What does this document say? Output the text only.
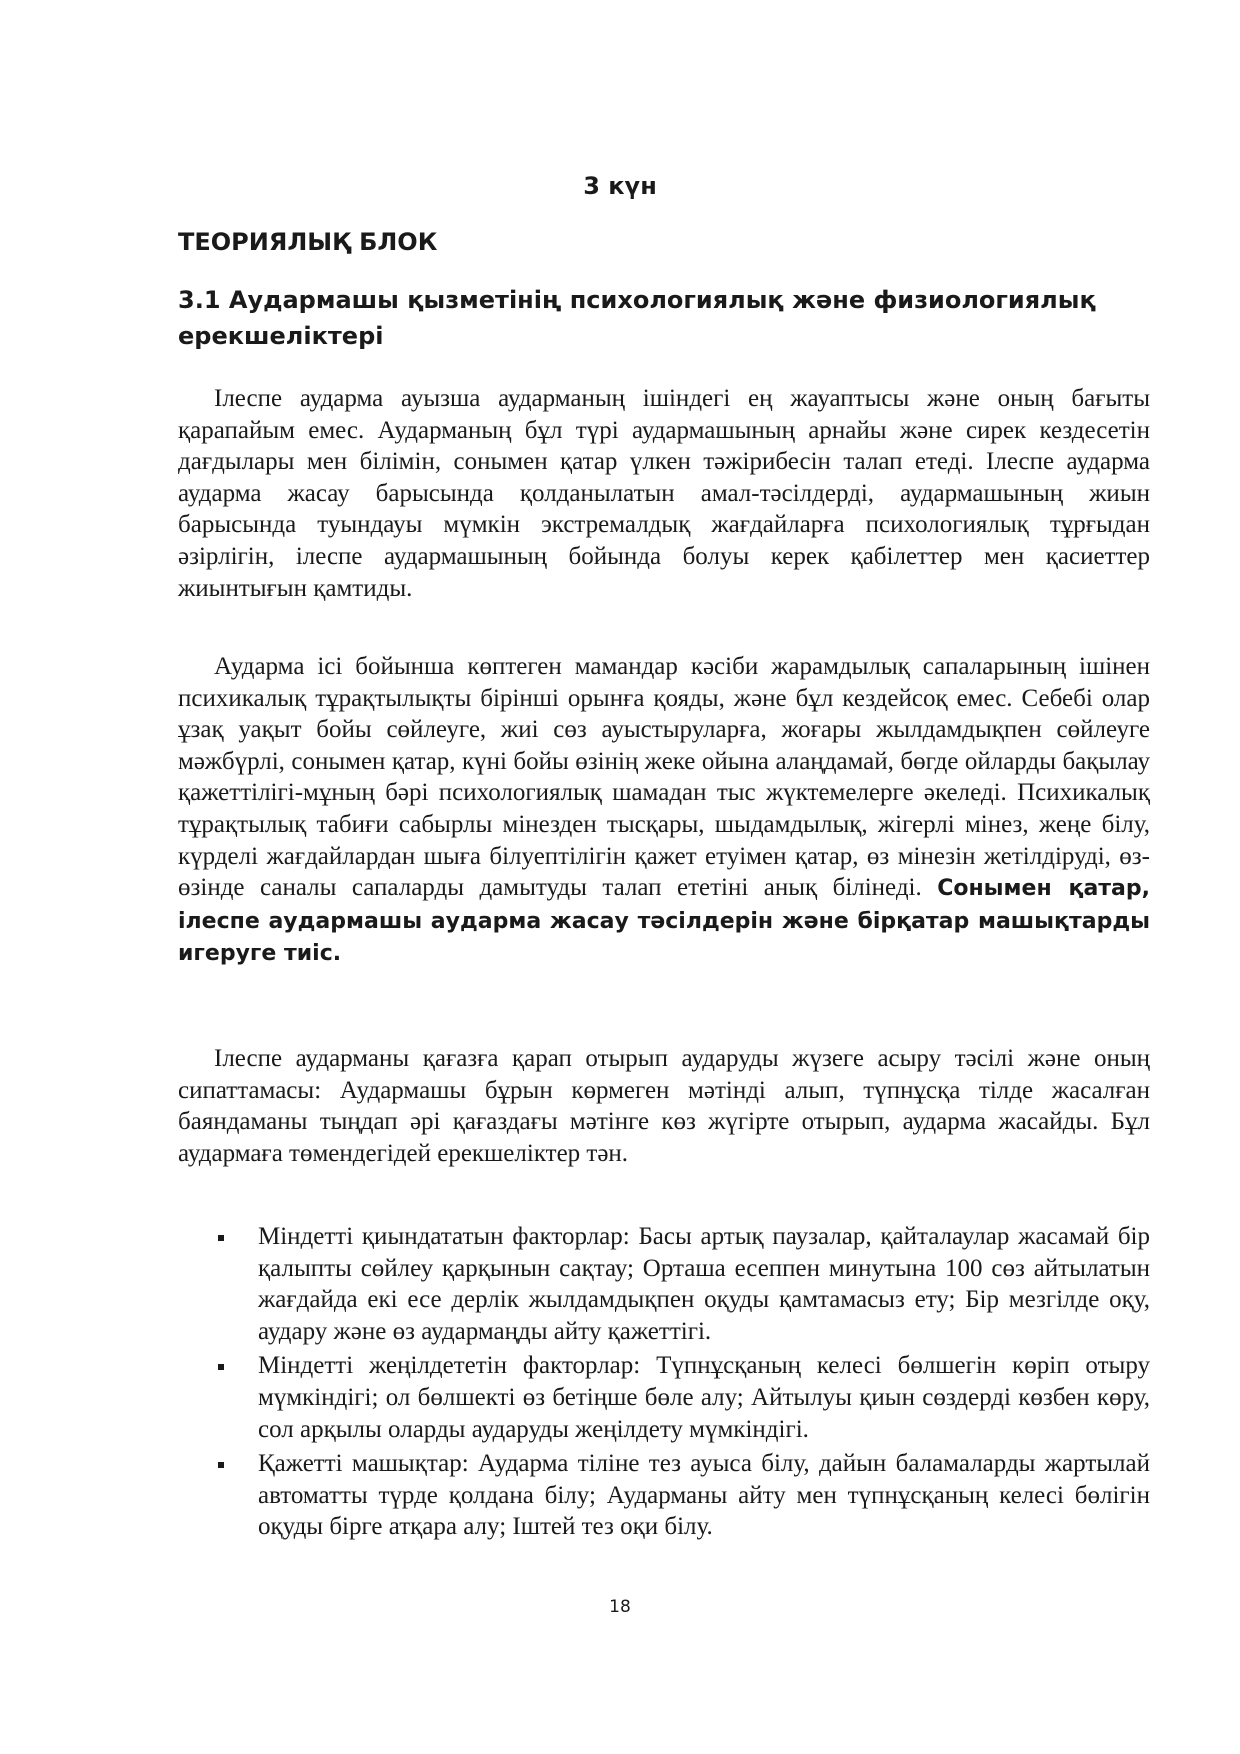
3 күн
ТЕОРИЯЛЫҚ БЛОК
3.1 Аудармашы қызметінің психологиялық және физиологиялық ерекшеліктері

Ілеспе аударма ауызша аударманың ішіндегі ең жауаптысы және оның бағыты қарапайым емес. Аударманың бұл түрі аудармашының арнайы және сирек кездесетін дағдылары мен білімін, сонымен қатар үлкен тәжірибесін талап етеді. Ілеспе аударма аударма жасау барысында қолданылатын амал-тәсілдерді, аудармашының жиын барысында туындауы мүмкін экстремалдық жағдайларға психологиялық тұрғыдан әзірлігін, ілеспе аудармашының бойында болуы керек қабілеттер мен қасиеттер жиынтығын қамтиды.

Аударма ісі бойынша көптеген мамандар кәсіби жарамдылық сапаларының ішінен психикалық тұрақтылықты бірінші орынға қояды, және бұл кездейсоқ емес. Себебі олар ұзақ уақыт бойы сөйлеуге, жиі сөз ауыстыруларға, жоғары жылдамдықпен сөйлеуге мәжбүрлі, сонымен қатар, күні бойы өзінің жеке ойына алаңдамай, бөгде ойларды бақылау қажеттілігі-мұның бәрі психологиялық шамадан тыс жүктемелерге әкеледі. Психикалық тұрақтылық табиғи сабырлы мінезден тысқары, шыдамдылық, жігерлі мінез, жеңе білу, күрделі жағдайлардан шыға білуептілігін қажет етуімен қатар, өз мінезін жетілдіруді, өз-өзінде саналы сапаларды дамытуды талап ететіні анық білінеді. Сонымен қатар, ілеспе аудармашы аударма жасау тәсілдерін және бірқатар машықтарды игеруге тиіс.

Ілеспе аударманы қағазға қарап отырып аударуды жүзеге асыру тәсілі және оның сипаттамасы: Аудармашы бұрын көрмеген мәтінді алып, түпнұсқа тілде жасалған баяндаманы тыңдап әрі қағаздағы мәтінге көз жүгірте отырып, аударма жасайды. Бұл аудармаға төмендегідей ерекшеліктер тән.

Міндетті қиындататын факторлар: Басы артық паузалар, қайталаулар жасамай бір қалыпты сөйлеу қарқынын сақтау; Орташа есеппен минутына 100 сөз айтылатын жағдайда екі есе дерлік жылдамдықпен оқуды қамтамасыз ету; Бір мезгілде оқу, аудару және өз аудармаңды айту қажеттігі.
Міндетті жеңілдететін факторлар: Түпнұсқаның келесі бөлшегін көріп отыру мүмкіндігі; ол бөлшекті өз бетіңше бөле алу; Айтылуы қиын сөздерді көзбен көру, сол арқылы оларды аударуды жеңілдету мүмкіндігі.
Қажетті машықтар: Аударма тіліне тез ауыса білу, дайын баламаларды жартылай автоматты түрде қолдана білу; Аударманы айту мен түпнұсқаның келесі бөлігін оқуды бірге атқара алу; Іштей тез оқи білу.
18
